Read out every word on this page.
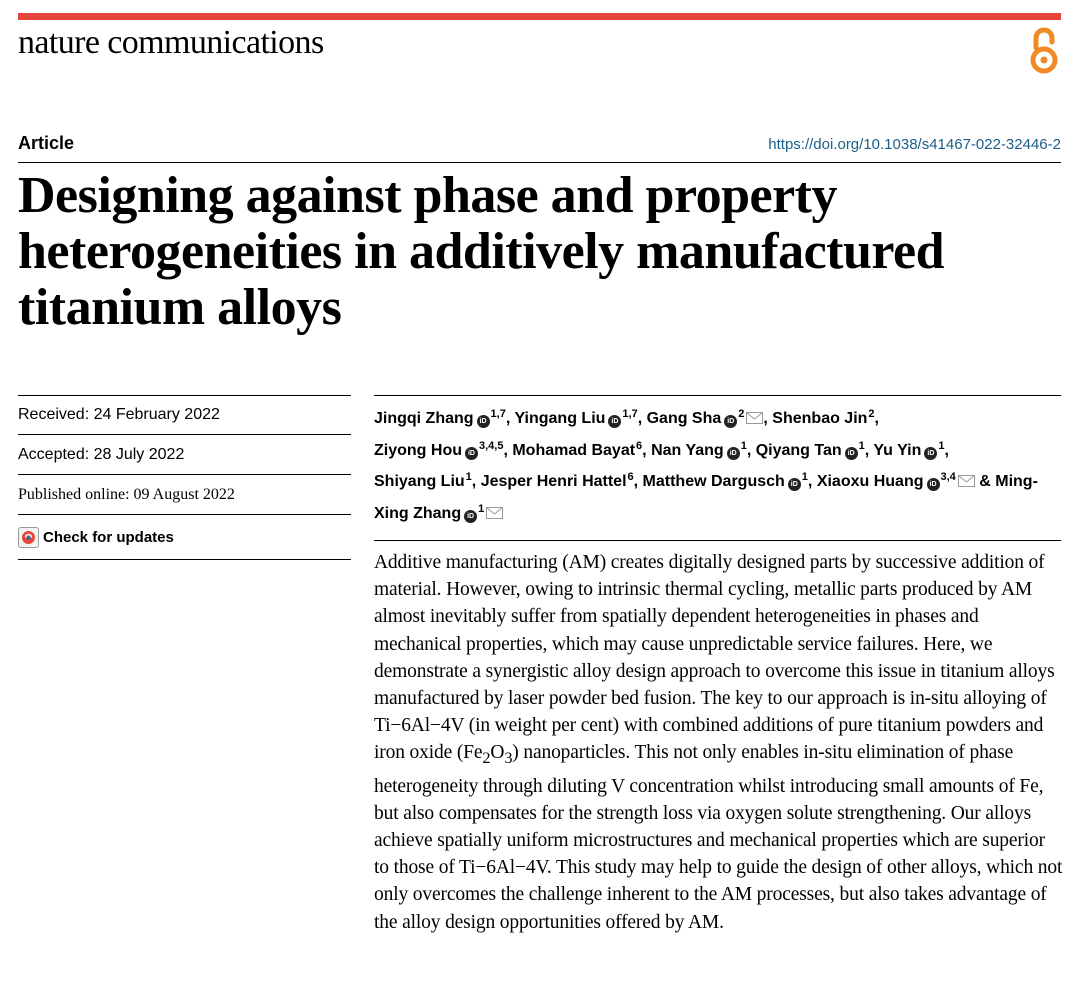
nature communications
Article	https://doi.org/10.1038/s41467-022-32446-2
Designing against phase and property heterogeneities in additively manufactured titanium alloys
Received: 24 February 2022
Accepted: 28 July 2022
Published online: 09 August 2022
Check for updates
Jingqi Zhang iD$^{1,7}$, Yingang Liu iD$^{1,7}$, Gang Sha iD$^2$ , Shenbao Jin$^2$,
Ziyong Hou iD$^{3,4,5}$, Mohamad Bayat$^6$, Nan Yang iD$^1$, Qiyang Tan iD$^1$, Yu Yin iD$^1$,
Shiyang Liu$^1$, Jesper Henri Hattel$^6$, Matthew Dargusch iD$^1$, Xiaoxu Huang iD$^{3,4}$ & Ming-Xing Zhang iD$^1$

Additive manufacturing (AM) creates digitally designed parts by successive addition of material. However, owing to intrinsic thermal cycling, metallic parts produced by AM almost inevitably suffer from spatially dependent heterogeneities in phases and mechanical properties, which may cause unpredictable service failures. Here, we demonstrate a synergistic alloy design approach to overcome this issue in titanium alloys manufactured by laser powder bed fusion. The key to our approach is in-situ alloying of Ti−6Al−4V (in weight per cent) with combined additions of pure titanium powders and iron oxide $(Fe_2O_3)$ nanoparticles. This not only enables in-situ elimination of phase heterogeneity through diluting V concentration whilst introducing small amounts of Fe, but also compensates for the strength loss via oxygen solute strengthening. Our alloys achieve spatially uniform microstructures and mechanical properties which are superior to those of Ti−6Al−4V. This study may help to guide the design of other alloys, which not only overcomes the challenge inherent to the AM processes, but also takes advantage of the alloy design opportunities offered by AM.
